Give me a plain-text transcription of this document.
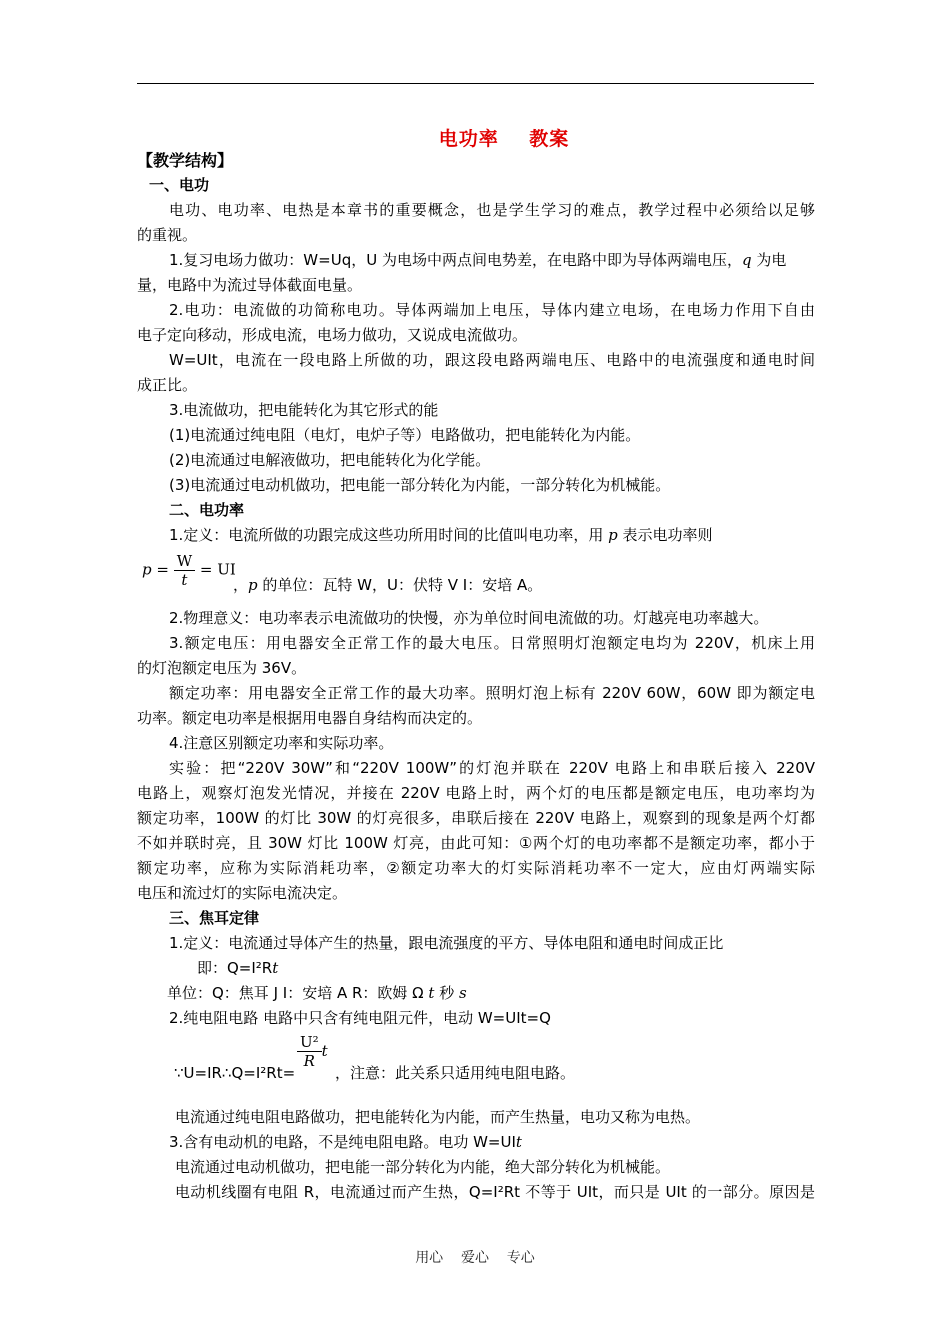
电功率    教案
【教学结构】
一、电功
电功、电功率、电热是本章书的重要概念，也是学生学习的难点，教学过程中必须给以足够
的重视。
1.复习电场力做功：W=Uq，U 为电场中两点间电势差，在电路中即为导体两端电压，q 为电
量，电路中为流过导体截面电量。
2.电功：电流做的功简称电功。导体两端加上电压，导体内建立电场，在电场力作用下自由
电子定向移动，形成电流，电场力做功，又说成电流做功。
W=UIt，电流在一段电路上所做的功，跟这段电路两端电压、电路中的电流强度和通电时间
成正比。
3.电流做功，把电能转化为其它形式的能
(1)电流通过纯电阻（电灯，电炉子等）电路做功，把电能转化为内能。
(2)电流通过电解液做功，把电能转化为化学能。
(3)电流通过电动机做功，把电能一部分转化为内能，一部分转化为机械能。
二、电功率
1.定义：电流所做的功跟完成这些功所用时间的比值叫电功率，用 p 表示电功率则
$p = \frac{W}{t}$ = UI
，p 的单位：瓦特 W，U：伏特 V I：安培 A。
2.物理意义：电功率表示电流做功的快慢，亦为单位时间电流做的功。灯越亮电功率越大。
3.额定电压：用电器安全正常工作的最大电压。日常照明灯泡额定电均为 220V，机床上用
的灯泡额定电压为 36V。
额定功率：用电器安全正常工作的最大功率。照明灯泡上标有 220V 60W，60W 即为额定电
功率。额定电功率是根据用电器自身结构而决定的。
4.注意区别额定功率和实际功率。
实验：把“220V 30W”和“220V 100W”的灯泡并联在 220V 电路上和串联后接入 220V
电路上，观察灯泡发光情况，并接在 220V 电路上时，两个灯的电压都是额定电压，电功率均为
额定功率，100W 的灯比 30W 的灯亮很多，串联后接在 220V 电路上，观察到的现象是两个灯都
不如并联时亮，且 30W 灯比 100W 灯亮，由此可知：①两个灯的电功率都不是额定功率，都小于
额定功率，应称为实际消耗功率，②额定功率大的灯实际消耗功率不一定大，应由灯两端实际
电压和流过灯的实际电流决定。
三、焦耳定律
1.定义：电流通过导体产生的热量，跟电流强度的平方、导体电阻和通电时间成正比
即：Q=I²Rt
单位：Q：焦耳 J I：安培 A R：欧姆 Ω t 秒 s
2.纯电阻电路 电路中只含有纯电阻元件，电动 W=UIt=Q
∵U=IR∴Q=I²Rt=
$\frac{\text{U²}}{R}$ t
，注意：此关系只适用纯电阻电路。
电流通过纯电阻电路做功，把电能转化为内能，而产生热量，电功又称为电热。
3.含有电动机的电路，不是纯电阻电路。电功 W=UIt
电流通过电动机做功，把电能一部分转化为内能，绝大部分转化为机械能。
电动机线圈有电阻 R，电流通过而产生热，Q=I²Rt 不等于 UIt，而只是 UIt 的一部分。原因是
用心    爱心    专心
